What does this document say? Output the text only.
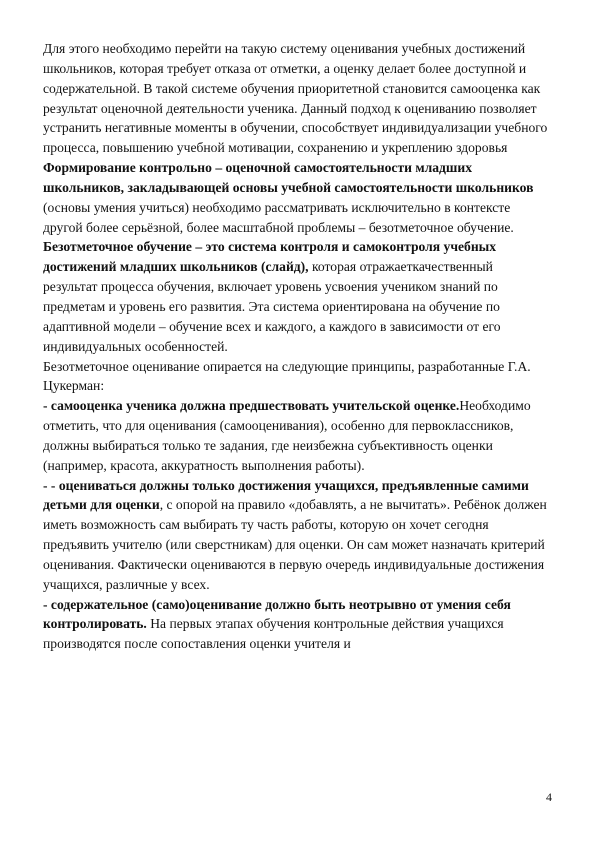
Для этого необходимо перейти на такую систему оценивания учебных достижений школьников, которая требует отказа от отметки, а оценку делает более доступной и содержательной. В такой системе обучения приоритетной становится самооценка как результат оценочной деятельности ученика. Данный подход к оцениванию позволяет устранить негативные моменты в обучении, способствует индивидуализации учебного процесса, повышению учебной мотивации, сохранению и укреплению здоровья
Формирование контрольно – оценочной самостоятельности младших школьников, закладывающей основы учебной самостоятельности школьников (основы умения учиться) необходимо рассматривать исключительно в контексте другой более серьёзной, более масштабной проблемы – безотметочное обучение.
Безотметочное обучение – это система контроля и самоконтроля учебных достижений младших школьников (слайд), которая отражаеткачественный результат процесса обучения, включает уровень усвоения учеником знаний по предметам и уровень его развития. Эта система ориентирована на обучение по адаптивной модели – обучение всех и каждого, а каждого в зависимости от его индивидуальных особенностей.
Безотметочное оценивание опирается на следующие принципы, разработанные Г.А. Цукерман:
- самооценка ученика должна предшествовать учительской оценке.Необходимо отметить, что для оценивания (самооценивания), особенно для первоклассников, должны выбираться только те задания, где неизбежна субъективность оценки (например, красота, аккуратность выполнения работы).
- - оцениваться должны только достижения учащихся, предъявленные самими детьми для оценки, с опорой на правило «добавлять, а не вычитать». Ребёнок должен иметь возможность сам выбирать ту часть работы, которую он хочет сегодня предъявить учителю (или сверстникам) для оценки. Он сам может назначать критерий оценивания. Фактически оцениваются в первую очередь индивидуальные достижения учащихся, различные у всех.
- содержательное (само)оценивание должно быть неотрывно от умения себя контролировать. На первых этапах обучения контрольные действия учащихся производятся после сопоставления оценки учителя и
4
